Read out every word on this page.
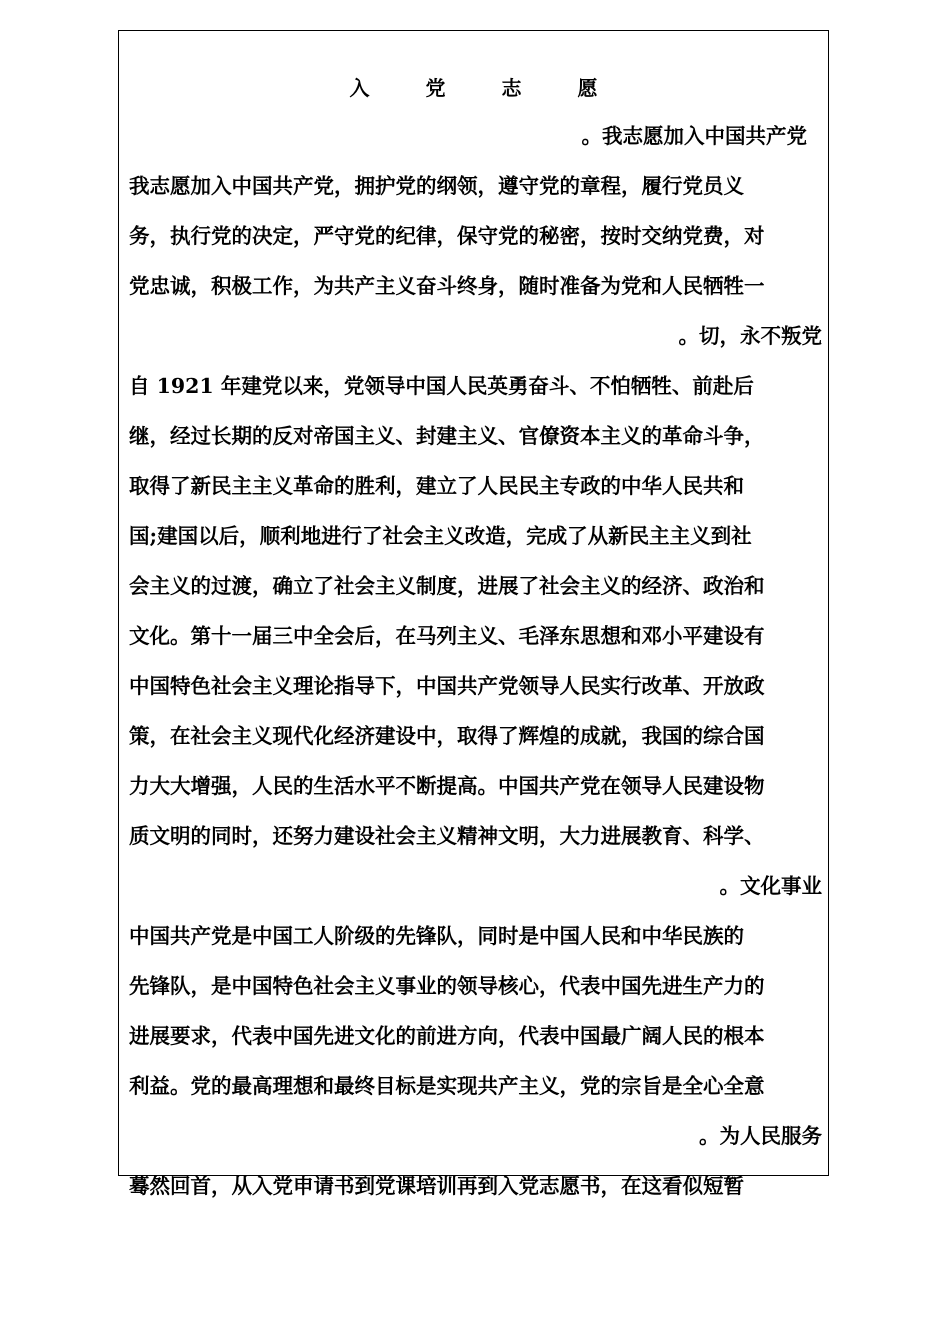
入	党	志	愿
。我志愿加入中国共产党
我志愿加入中国共产党，拥护党的纲领，遵守党的章程，履行党员义
务，执行党的决定，严守党的纪律，保守党的秘密，按时交纳党费，对
党忠诚，积极工作，为共产主义奋斗终身，随时准备为党和人民牺牲一
。切，永不叛党
自 1921 年建党以来，党领导中国人民英勇奋斗、不怕牺牲、前赴后
继，经过长期的反对帝国主义、封建主义、官僚资本主义的革命斗争，
取得了新民主主义革命的胜利，建立了人民民主专政的中华人民共和
国;建国以后，顺利地进行了社会主义改造，完成了从新民主主义到社
会主义的过渡，确立了社会主义制度，进展了社会主义的经济、政治和
文化。第十一届三中全会后，在马列主义、毛泽东思想和邓小平建设有
中国特色社会主义理论指导下，中国共产党领导人民实行改革、开放政
策，在社会主义现代化经济建设中，取得了辉煌的成就，我国的综合国
力大大增强，人民的生活水平不断提高。中国共产党在领导人民建设物
质文明的同时，还努力建设社会主义精神文明，大力进展教育、科学、
。文化事业
中国共产党是中国工人阶级的先锋队，同时是中国人民和中华民族的
先锋队，是中国特色社会主义事业的领导核心，代表中国先进生产力的
进展要求，代表中国先进文化的前进方向，代表中国最广阔人民的根本
利益。党的最高理想和最终目标是实现共产主义，党的宗旨是全心全意
。为人民服务
蓦然回首，从入党申请书到党课培训再到入党志愿书，在这看似短暂
